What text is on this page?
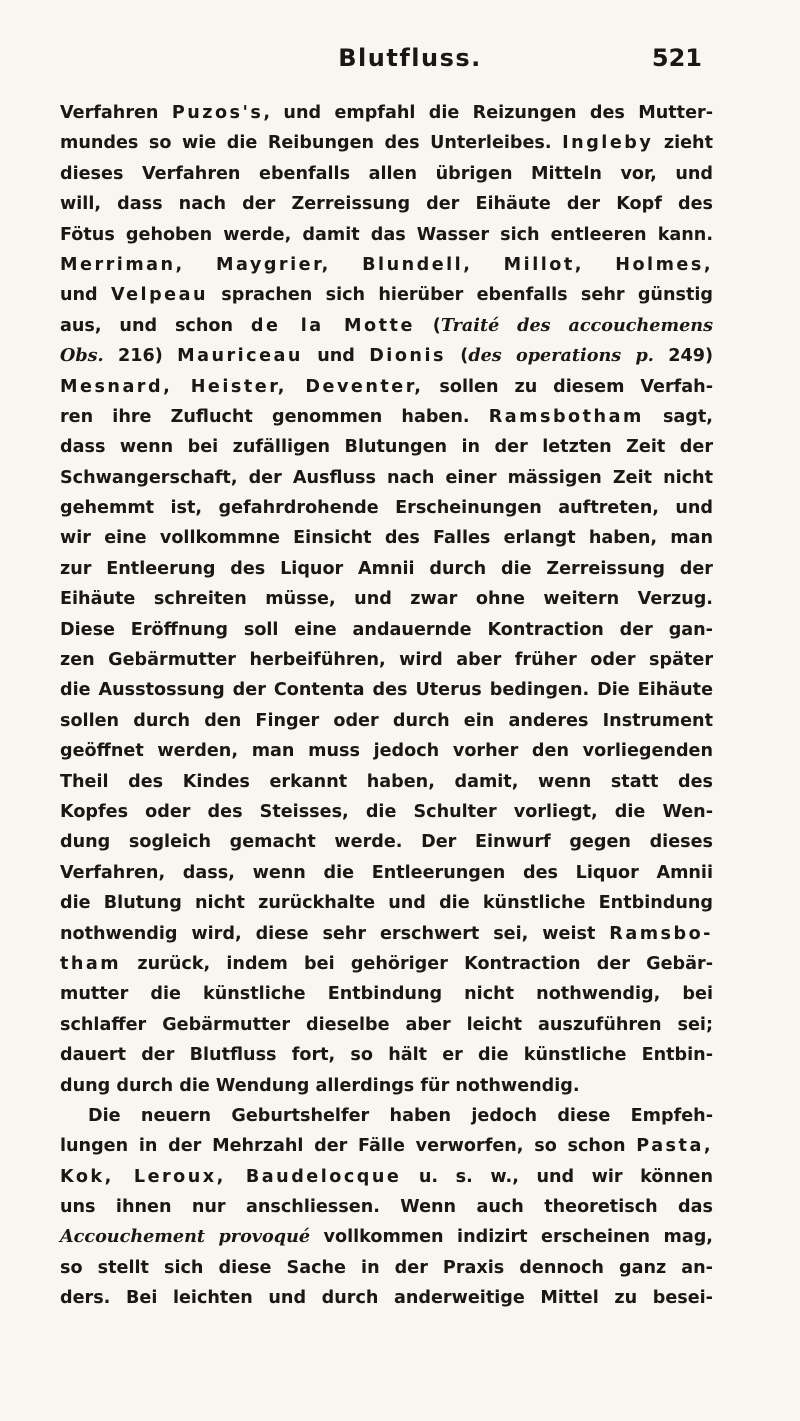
Blutfluss.	521
Verfahren Puzos's, und empfahl die Reizungen des Mutter-
mundes so wie die Reibungen des Unterleibes. Ingleby zieht
dieses Verfahren ebenfalls allen übrigen Mitteln vor, und
will, dass nach der Zerreissung der Eihäute der Kopf des
Fötus gehoben werde, damit das Wasser sich entleeren kann.
Merriman, Maygrier, Blundell, Millot, Holmes,
und Velpeau sprachen sich hierüber ebenfalls sehr günstig
aus, und schon de la Motte (Traité des accouchemens
Obs. 216) Mauriceau und Dionis (des operations p. 249)
Mesnard, Heister, Deventer, sollen zu diesem Verfah-
ren ihre Zuflucht genommen haben. Ramsbotham sagt,
dass wenn bei zufälligen Blutungen in der letzten Zeit der
Schwangerschaft, der Ausfluss nach einer mässigen Zeit nicht
gehemmt ist, gefahrdrohende Erscheinungen auftreten, und
wir eine vollkommne Einsicht des Falles erlangt haben, man
zur Entleerung des Liquor Amnii durch die Zerreissung der
Eihäute schreiten müsse, und zwar ohne weitern Verzug.
Diese Eröffnung soll eine andauernde Kontraction der gan-
zen Gebärmutter herbeiführen, wird aber früher oder später
die Ausstossung der Contenta des Uterus bedingen. Die Eihäute
sollen durch den Finger oder durch ein anderes Instrument
geöffnet werden, man muss jedoch vorher den vorliegenden
Theil des Kindes erkannt haben, damit, wenn statt des
Kopfes oder des Steisses, die Schulter vorliegt, die Wen-
dung sogleich gemacht werde. Der Einwurf gegen dieses
Verfahren, dass, wenn die Entleerungen des Liquor Amnii
die Blutung nicht zurückhalte und die künstliche Entbindung
nothwendig wird, diese sehr erschwert sei, weist Ramsbo-
tham zurück, indem bei gehöriger Kontraction der Gebär-
mutter die künstliche Entbindung nicht nothwendig, bei
schlaffer Gebärmutter dieselbe aber leicht auszuführen sei;
dauert der Blutfluss fort, so hält er die künstliche Entbin-
dung durch die Wendung allerdings für nothwendig.
Die neuern Geburtshelfer haben jedoch diese Empfeh-
lungen in der Mehrzahl der Fälle verworfen, so schon Pasta,
Kok, Leroux, Baudelocque u. s. w., und wir können
uns ihnen nur anschliessen. Wenn auch theoretisch das
Accouchement provoqué vollkommen indizirt erscheinen mag,
so stellt sich diese Sache in der Praxis dennoch ganz an-
ders. Bei leichten und durch anderweitige Mittel zu besei-
